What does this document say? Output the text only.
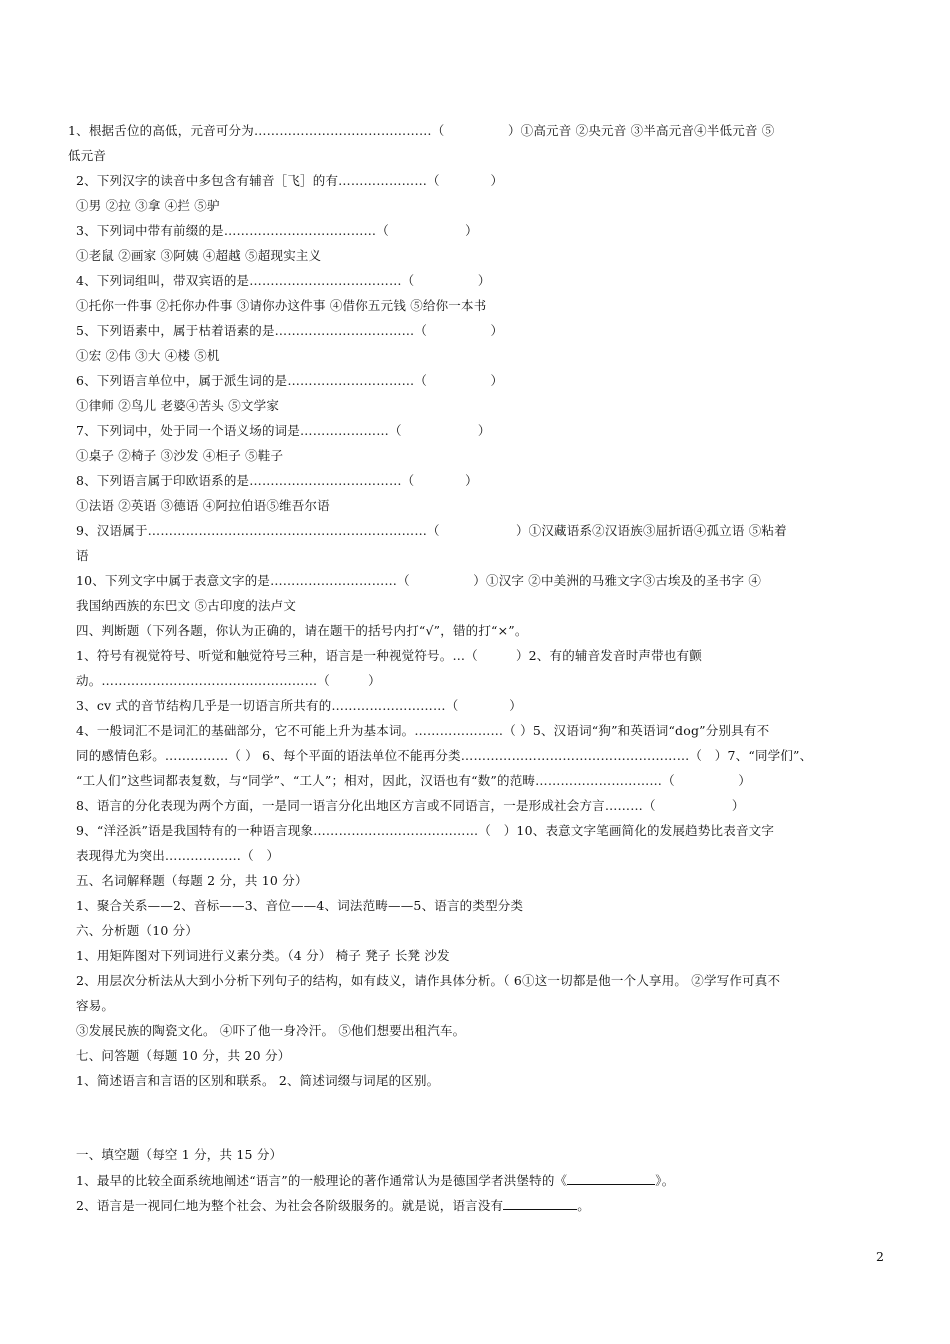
1、根据舌位的高低，元音可分为……………………………………（　　　　　）①高元音 ②央元音 ③半高元音④半低元音 ⑤
低元音
2、下列汉字的读音中多包含有辅音［飞］的有…………………（　　　　）
①男 ②拉 ③拿 ④拦 ⑤驴
3、下列词中带有前缀的是………………………………（　　　　　　）
①老鼠 ②画家 ③阿姨 ④超越 ⑤超现实主义
4、下列词组叫，带双宾语的是………………………………（　　　　　）
①托你一件事 ②托你办件事 ③请你办这件事 ④借你五元钱 ⑤给你一本书
5、下列语素中，属于枯着语素的是……………………………（　　　　　）
①宏 ②伟 ③大 ④楼 ⑤机
6、下列语言单位中，属于派生词的是…………………………（　　　　　）
①律师 ②鸟儿 老婆④苦头 ⑤文学家
7、下列词中，处于同一个语义场的词是…………………（　　　　　　）
①桌子 ②椅子 ③沙发 ④柜子 ⑤鞋子
8、下列语言属于印欧语系的是………………………………（　　　　）
①法语 ②英语 ③德语 ④阿拉伯语⑤维吾尔语
9、汉语属于…………………………………………………………（　　　　　　）①汉藏语系②汉语族③屈折语④孤立语 ⑤粘着
语
10、下列文字中属于表意文字的是…………………………（　　　　　）①汉字 ②中美洲的马雅文字③古埃及的圣书字 ④
我国纳西族的东巴文 ⑤古印度的法卢文
四、判断题（下列各题，你认为正确的，请在题干的括号内打“√”，错的打“×”。
1、符号有视觉符号、听觉和触觉符号三种，语言是一种视觉符号。…（　　　）2、有的辅音发音时声带也有颤
动。……………………………………………（　　　）
3、cv 式的音节结构几乎是一切语言所共有的………………………（　　　　）
4、一般词汇不是词汇的基础部分，它不可能上升为基本词。…………………（ ）5、汉语词“狗”和英语词“dog”分别具有不
同的感情色彩。……………（ ） 6、每个平面的语法单位不能再分类………………………………………………（　）7、“同学们”、
“工人们”这些词都表复数，与“同学”、“工人”；相对，因此，汉语也有“数”的范畴…………………………（　　　　　）
8、语言的分化表现为两个方面，一是同一语言分化出地区方言或不同语言，一是形成社会方言………（　　　　　　）
9、“洋泾浜”语是我国特有的一种语言现象…………………………………（　）10、表意文字笔画简化的发展趋势比表音文字
表现得尤为突出………………（　）
五、名词解释题（每题 2 分，共 10 分）
1、聚合关系——2、音标——3、音位——4、词法范畴——5、语言的类型分类
六、分析题（10 分）
1、用矩阵图对下列词进行义素分类。（4 分） 椅子 凳子 长凳 沙发
2、用层次分析法从大到小分析下列句子的结构，如有歧义，请作具体分析。（ 6①这一切都是他一个人享用。 ②学写作可真不
容易。
③发展民族的陶瓷文化。 ④吓了他一身冷汗。 ⑤他们想要出租汽车。
七、问答题（每题 10 分，共 20 分）
1、简述语言和言语的区别和联系。 2、简述词缀与词尾的区别。
一、填空题（每空 1 分，共 15 分）
1、最早的比较全面系统地阐述“语言”的一般理论的著作通常认为是德国学者洪堡特的《	》。
2、语言是一视同仁地为整个社会、为社会各阶级服务的。就是说，语言没有	。
2
